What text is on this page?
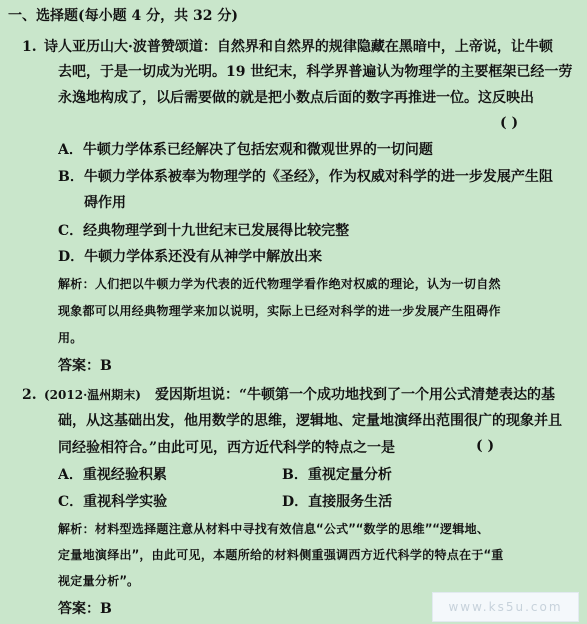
一、选择题(每小题 4 分，共 32 分)
1. 诗人亚历山大·波普赞颂道：自然界和自然界的规律隐藏在黑暗中，上帝说，让牛顿
去吧，于是一切成为光明。19 世纪末，科学界普遍认为物理学的主要框架已经一劳
永逸地构成了，以后需要做的就是把小数点后面的数字再推进一位。这反映出
( )
A．牛顿力学体系已经解决了包括宏观和微观世界的一切问题
B．牛顿力学体系被奉为物理学的《圣经》，作为权威对科学的进一步发展产生阻
碍作用
C．经典物理学到十九世纪末已发展得比较完整
D．牛顿力学体系还没有从神学中解放出来
解析：人们把以牛顿力学为代表的近代物理学看作绝对权威的理论，认为一切自然
现象都可以用经典物理学来加以说明，实际上已经对科学的进一步发展产生阻碍作
用。
答案：B
2. (2012·温州期末) 爱因斯坦说：“牛顿第一个成功地找到了一个用公式清楚表达的基
础，从这基础出发，他用数学的思维，逻辑地、定量地演绎出范围很广的现象并且
同经验相符合。”由此可见，西方近代科学的特点之一是	( )
A．重视经验积累	B．重视定量分析
C．重视科学实验	D．直接服务生活
解析：材料型选择题注意从材料中寻找有效信息“公式”“数学的思维”“逻辑地、
定量地演绎出”，由此可见，本题所给的材料侧重强调西方近代科学的特点在于“重
视定量分析”。
答案：B	www.ks5u.com
